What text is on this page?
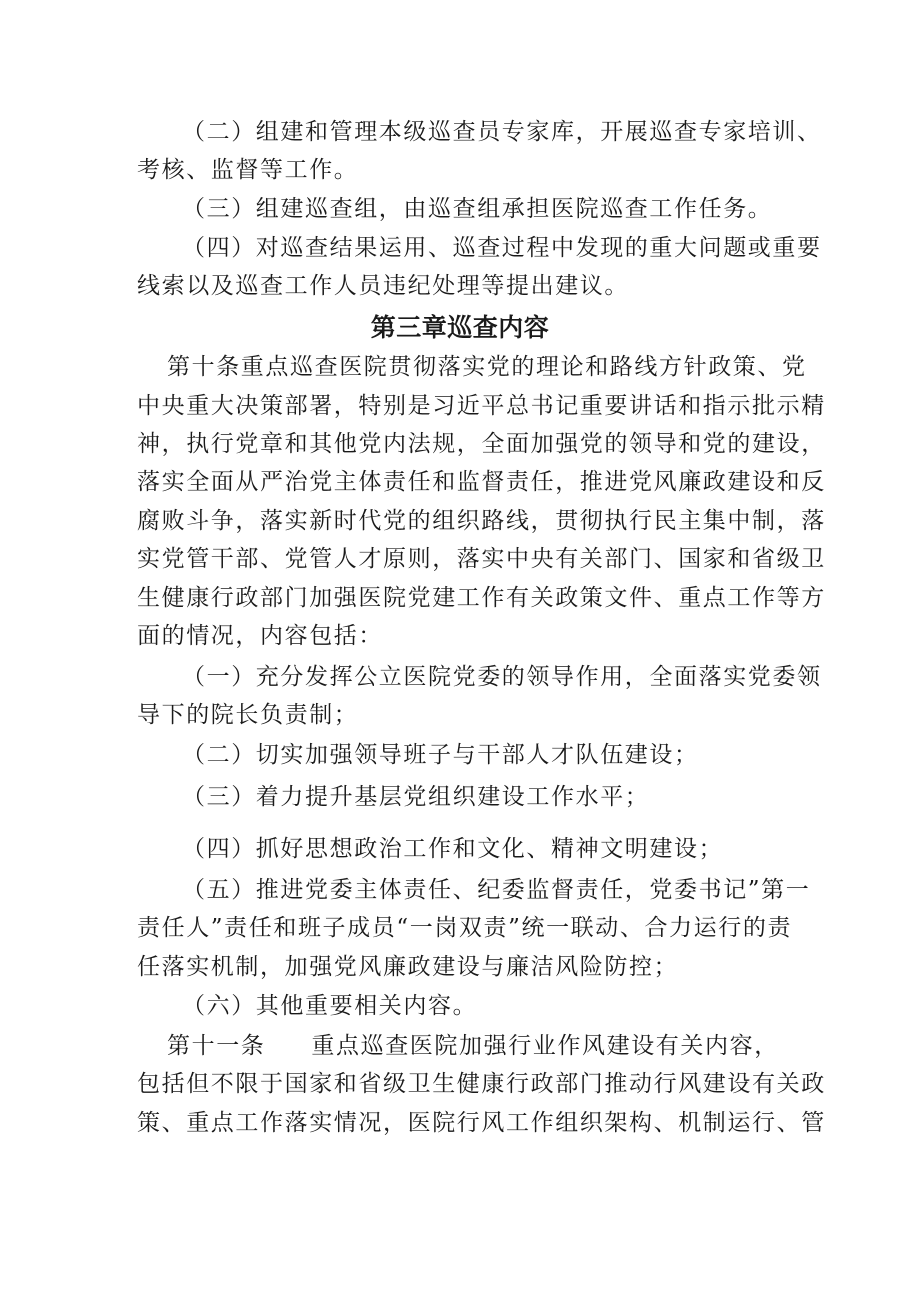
（二）组建和管理本级巡查员专家库，开展巡查专家培训、
考核、监督等工作。
（三）组建巡查组，由巡查组承担医院巡查工作任务。
（四）对巡查结果运用、巡查过程中发现的重大问题或重要
线索以及巡查工作人员违纪处理等提出建议。
第三章巡查内容
第十条重点巡查医院贯彻落实党的理论和路线方针政策、党
中央重大决策部署，特别是习近平总书记重要讲话和指示批示精
神，执行党章和其他党内法规，全面加强党的领导和党的建设，
落实全面从严治党主体责任和监督责任，推进党风廉政建设和反
腐败斗争，落实新时代党的组织路线，贯彻执行民主集中制，落
实党管干部、党管人才原则，落实中央有关部门、国家和省级卫
生健康行政部门加强医院党建工作有关政策文件、重点工作等方
面的情况，内容包括：
（一）充分发挥公立医院党委的领导作用，全面落实党委领
导下的院长负责制；
（二）切实加强领导班子与干部人才队伍建设；
（三）着力提升基层党组织建设工作水平；
（四）抓好思想政治工作和文化、精神文明建设；
（五）推进党委主体责任、纪委监督责任，党委书记”第一
责任人”责任和班子成员“一岗双责”统一联动、合力运行的责
任落实机制，加强党风廉政建设与廉洁风险防控；
（六）其他重要相关内容。
第十一条 重点巡查医院加强行业作风建设有关内容，
包括但不限于国家和省级卫生健康行政部门推动行风建设有关政
策、重点工作落实情况，医院行风工作组织架构、机制运行、管
